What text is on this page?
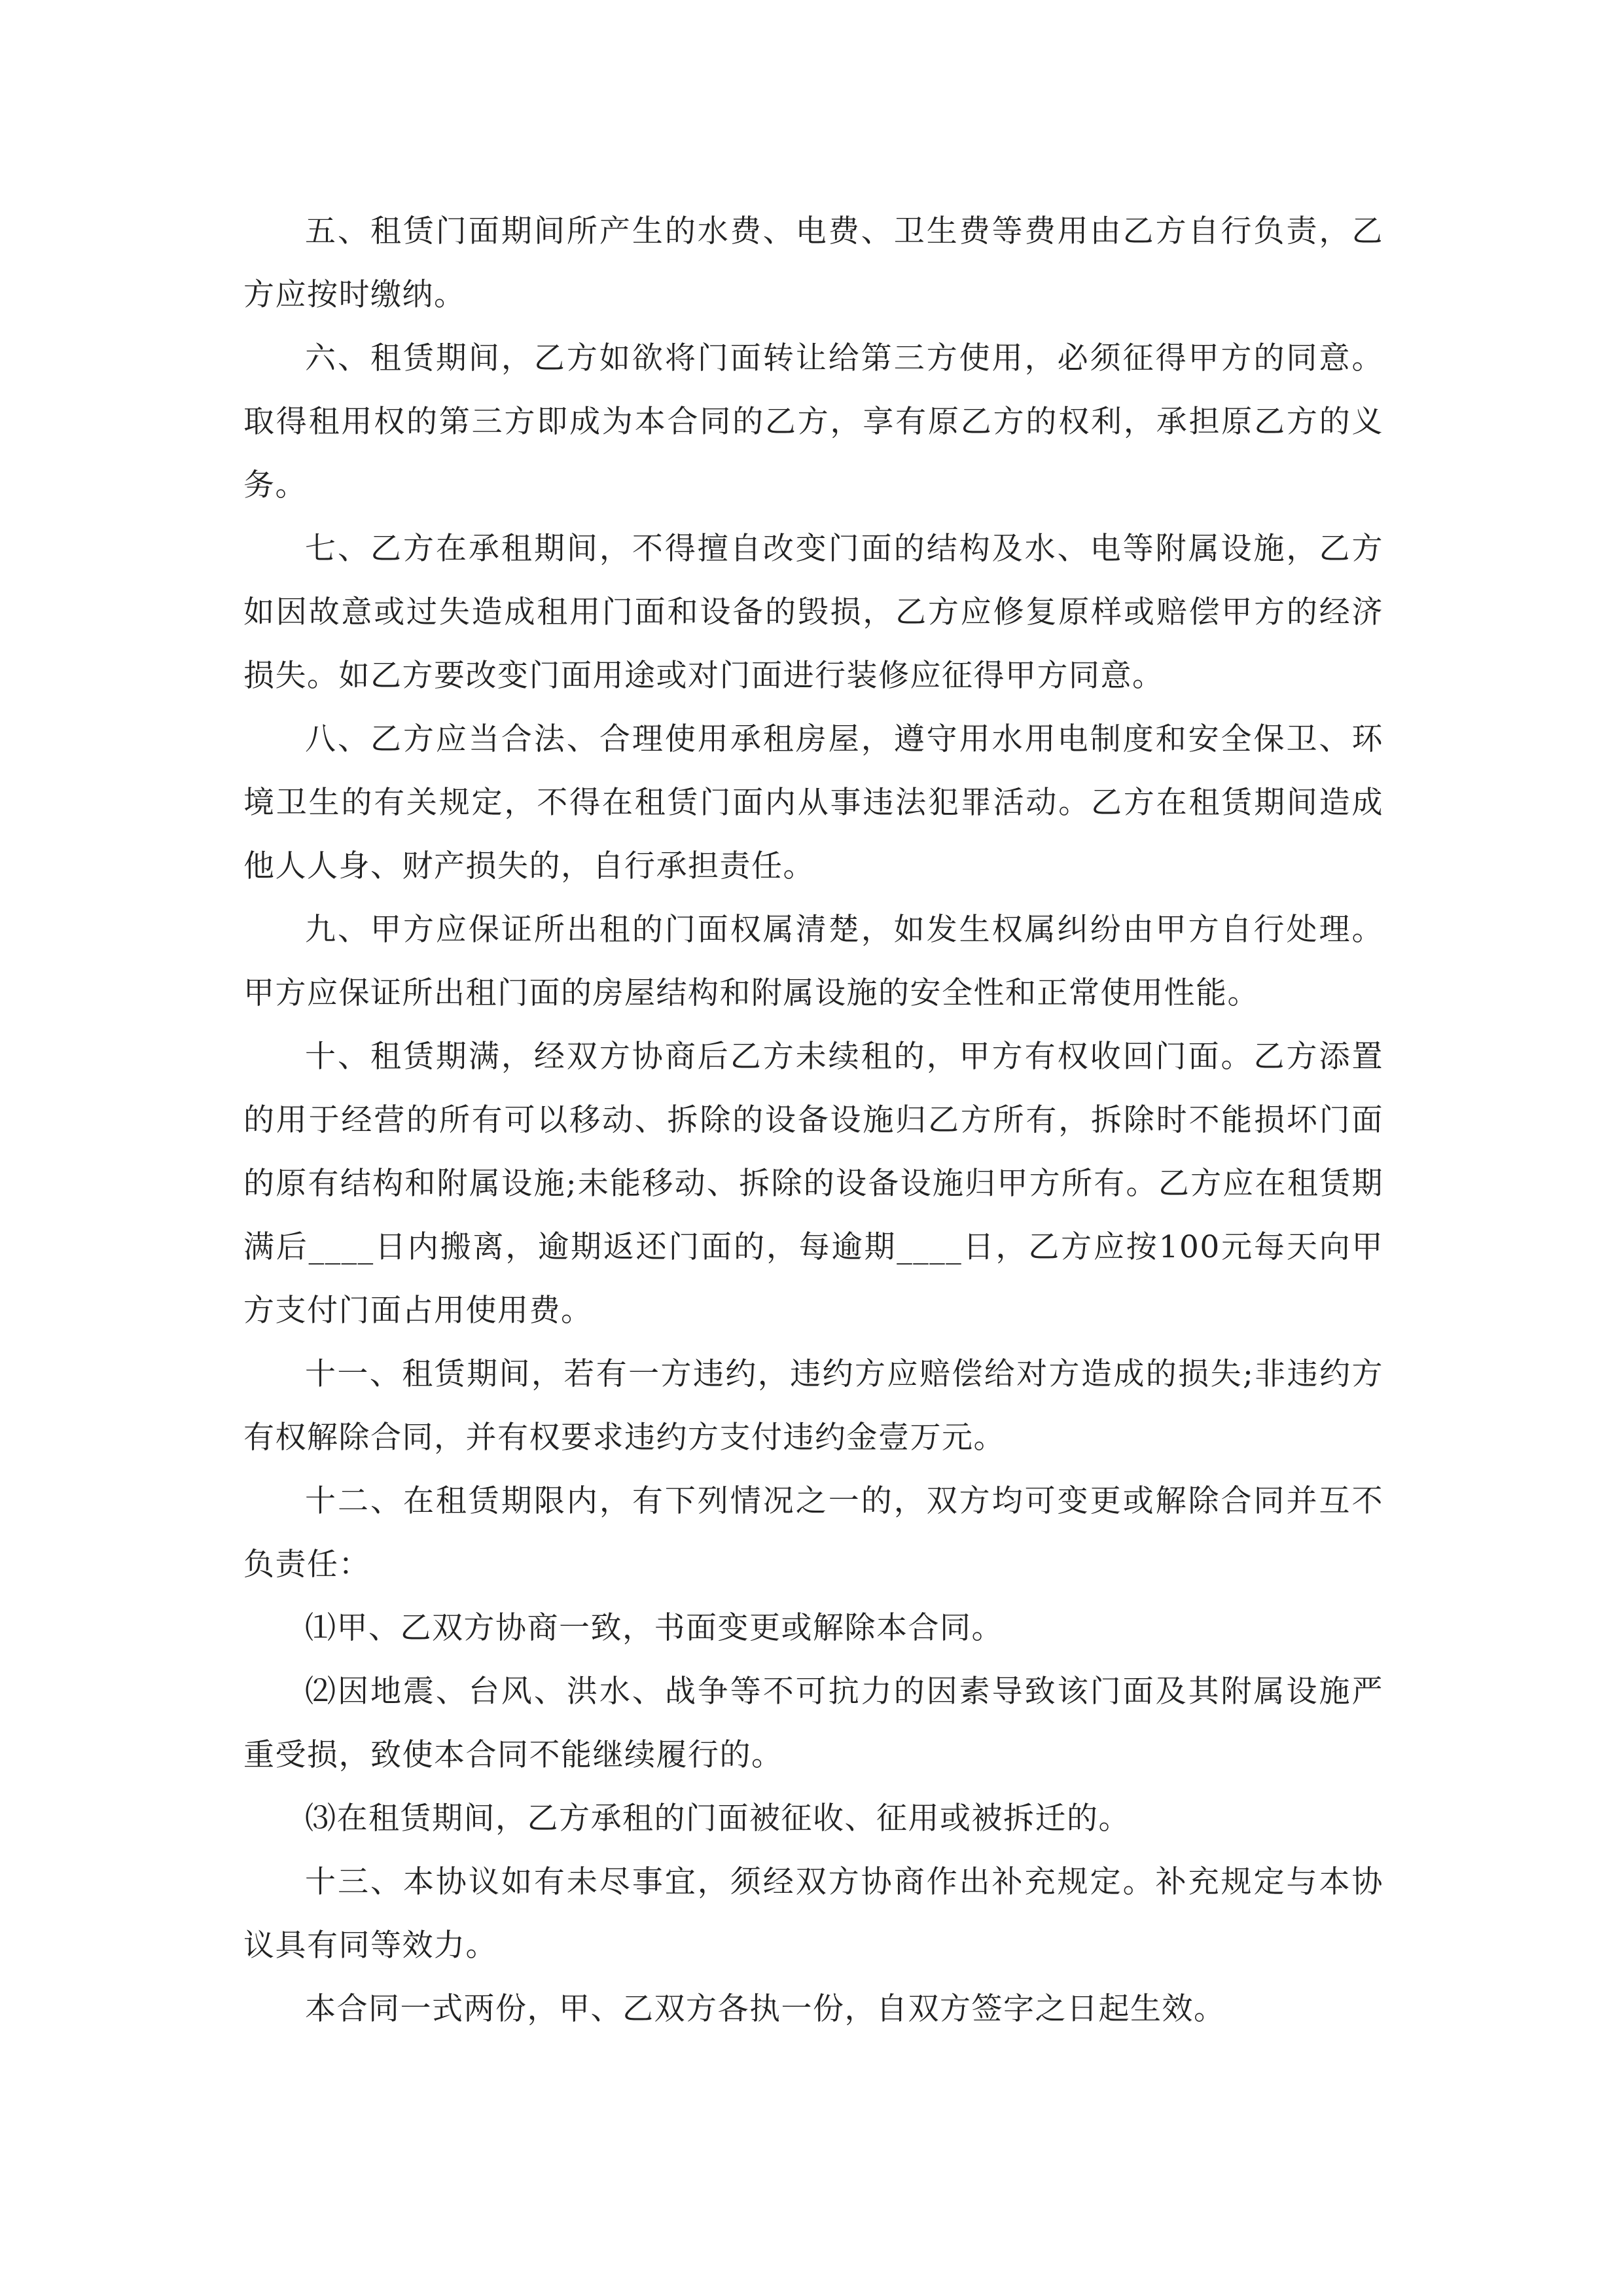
五、租赁门面期间所产生的水费、电费、卫生费等费用由乙方自行负责，乙方应按时缴纳。

六、租赁期间，乙方如欲将门面转让给第三方使用，必须征得甲方的同意。取得租用权的第三方即成为本合同的乙方，享有原乙方的权利，承担原乙方的义务。

七、乙方在承租期间，不得擅自改变门面的结构及水、电等附属设施，乙方如因故意或过失造成租用门面和设备的毁损，乙方应修复原样或赔偿甲方的经济损失。如乙方要改变门面用途或对门面进行装修应征得甲方同意。

八、乙方应当合法、合理使用承租房屋，遵守用水用电制度和安全保卫、环境卫生的有关规定，不得在租赁门面内从事违法犯罪活动。乙方在租赁期间造成他人人身、财产损失的，自行承担责任。

九、甲方应保证所出租的门面权属清楚，如发生权属纠纷由甲方自行处理。甲方应保证所出租门面的房屋结构和附属设施的安全性和正常使用性能。

十、租赁期满，经双方协商后乙方未续租的，甲方有权收回门面。乙方添置的用于经营的所有可以移动、拆除的设备设施归乙方所有，拆除时不能损坏门面的原有结构和附属设施;未能移动、拆除的设备设施归甲方所有。乙方应在租赁期满后____日内搬离，逾期返还门面的，每逾期____日，乙方应按100元每天向甲方支付门面占用使用费。

十一、租赁期间，若有一方违约，违约方应赔偿给对方造成的损失;非违约方有权解除合同，并有权要求违约方支付违约金壹万元。

十二、在租赁期限内，有下列情况之一的，双方均可变更或解除合同并互不负责任：

⑴甲、乙双方协商一致，书面变更或解除本合同。

⑵因地震、台风、洪水、战争等不可抗力的因素导致该门面及其附属设施严重受损，致使本合同不能继续履行的。

⑶在租赁期间，乙方承租的门面被征收、征用或被拆迁的。

十三、本协议如有未尽事宜，须经双方协商作出补充规定。补充规定与本协议具有同等效力。

本合同一式两份，甲、乙双方各执一份，自双方签字之日起生效。
